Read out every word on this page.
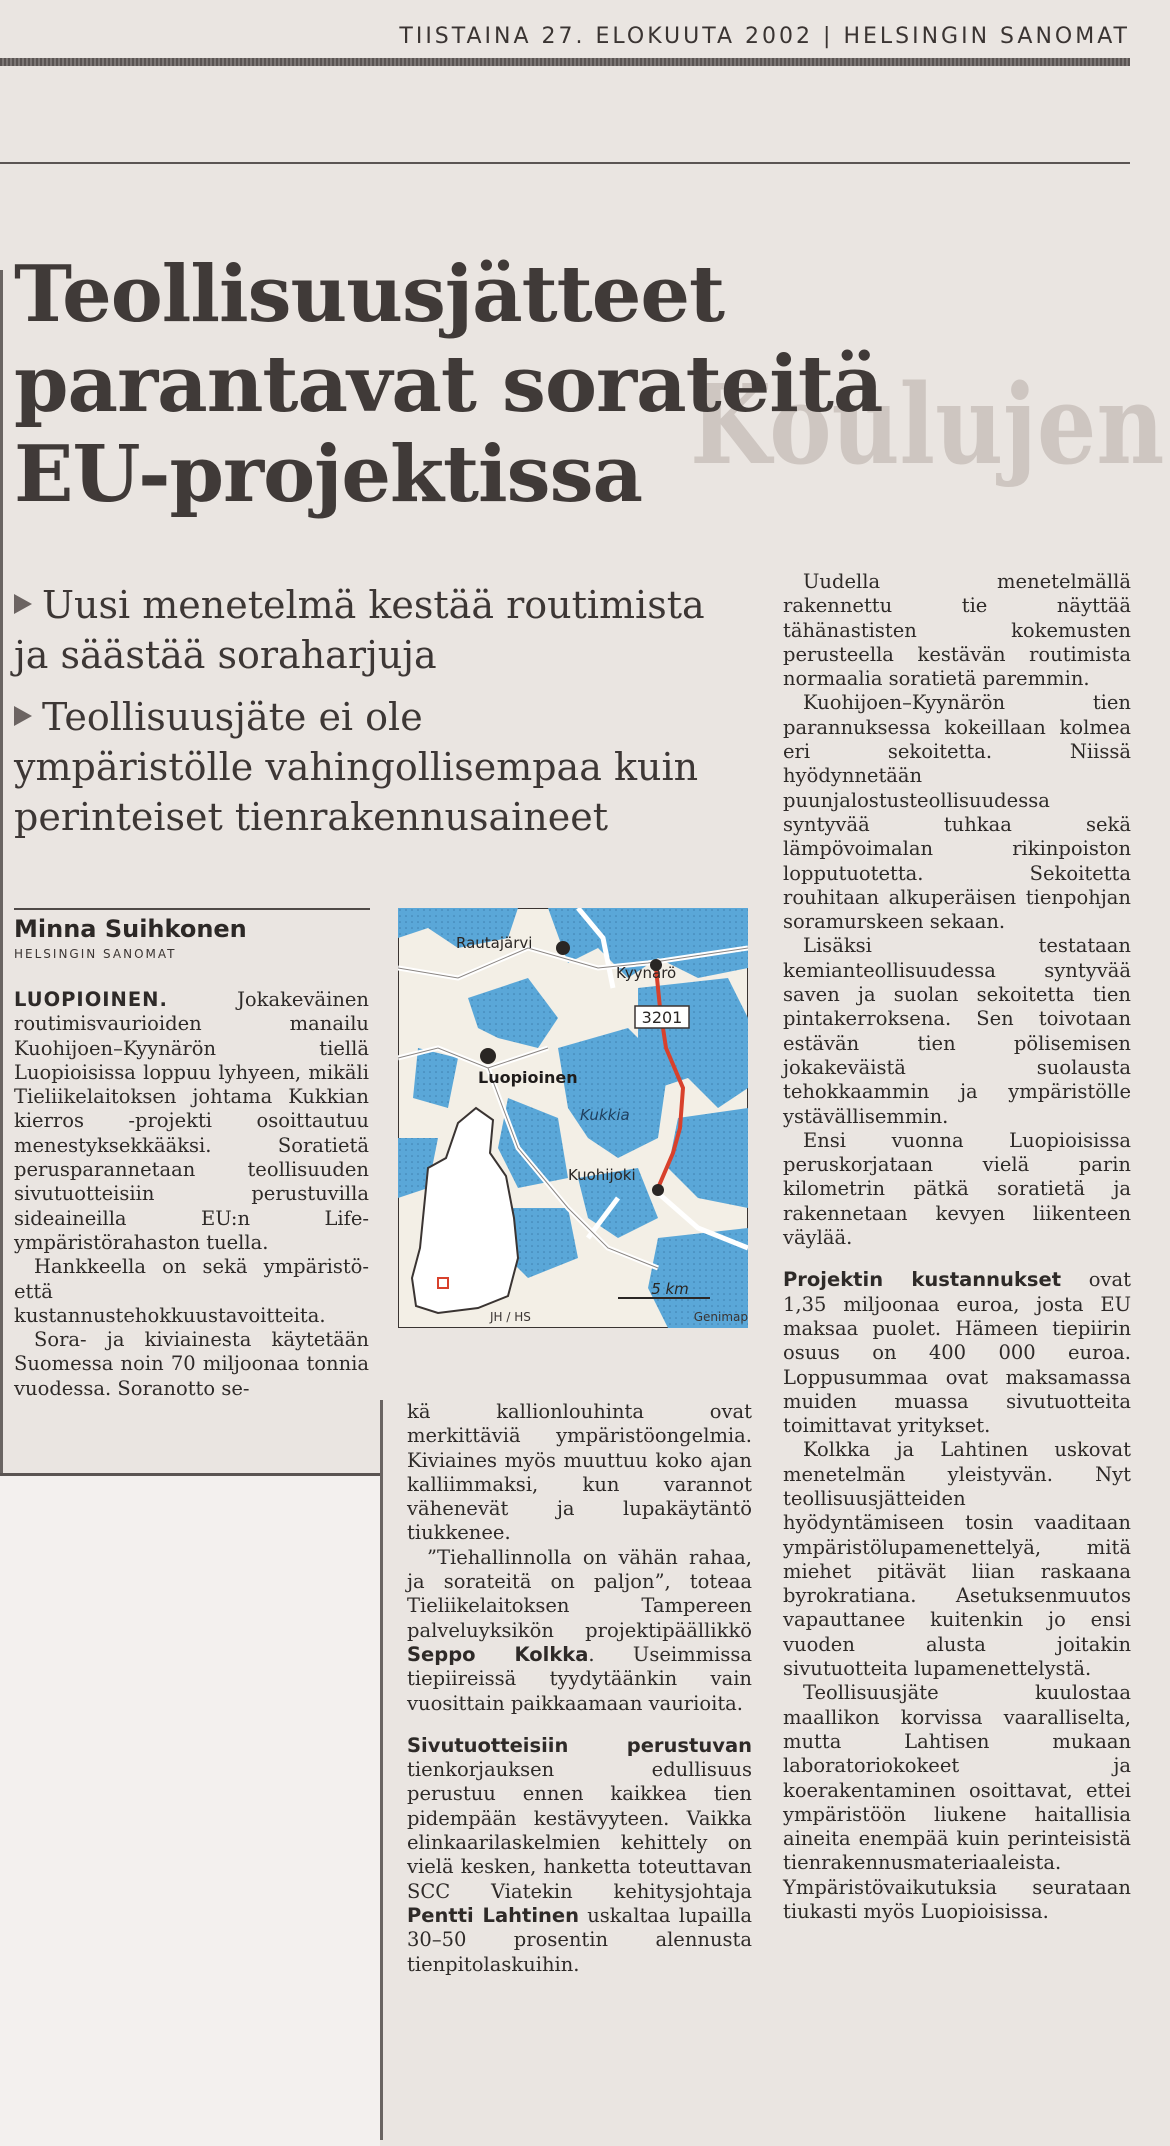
TIISTAINA 27. ELOKUUTA 2002 | HELSINGIN SANOMAT
Koulujen
Teollisuusjätteet
parantavat sorateitä
EU-projektissa
Uusi menetelmä kestää routimista
ja säästää soraharjuja
Teollisuusjäte ei ole
ympäristölle vahingollisempaa kuin
perinteiset tienrakennusaineet
Minna Suihkonen
HELSINGIN SANOMAT

LUOPIOINEN.	Jokakeväinen routimisvaurioiden manailu Kuohijoen–Kyynärön tiellä Luopioisissa loppuu lyhyeen, mikäli Tieliikelaitoksen johtama Kukkian kierros -projekti osoittautuu menestyksekkääksi. Soratietä perusparannetaan teollisuuden sivutuotteisiin perustuvilla sideaineilla EU:n Life-ympäristörahaston tuella.

Hankkeella on sekä ympäristö- että kustannustehokkuustavoitteita.

Sora- ja kiviainesta käytetään Suomessa noin 70 miljoonaa tonnia vuodessa. Soranotto se-

3201
Rautajärvi
Kyynärö
Luopioinen
Kukkia
Kuohijoki
5 km
JH / HS	Genimap

kä kallionlouhinta ovat merkittäviä ympäristöongelmia. Kiviaines myös muuttuu koko ajan kalliimmaksi, kun varannot vähenevät ja lupakäytäntö tiukkenee.

”Tiehallinnolla on vähän rahaa, ja sorateitä on paljon”, toteaa Tieliikelaitoksen Tampereen palveluyksikön projektipäällikkö Seppo Kolkka. Useimmissa tiepiireissä tyydytäänkin vain vuosittain paikkaamaan vaurioita.

Sivutuotteisiin perustuvan tienkorjauksen edullisuus perustuu ennen kaikkea tien pidempään kestävyyteen. Vaikka elinkaarilaskelmien kehittely on vielä kesken, hanketta toteuttavan SCC Viatekin kehitysjohtaja Pentti Lahtinen uskaltaa lupailla 30–50 prosentin alennusta tienpitolaskuihin.

Uudella menetelmällä rakennettu tie näyttää tähänastisten kokemusten perusteella kestävän routimista normaalia soratietä paremmin.

Kuohijoen–Kyynärön tien parannuksessa kokeillaan kolmea eri sekoitetta. Niissä hyödynnetään puunjalostusteollisuudessa syntyvää tuhkaa sekä lämpövoimalan rikinpoiston lopputuotetta. Sekoitetta rouhitaan alkuperäisen tienpohjan soramurskeen sekaan.

Lisäksi testataan kemianteollisuudessa syntyvää saven ja suolan sekoitetta tien pintakerroksena. Sen toivotaan estävän tien pölisemisen jokakeväistä suolausta tehokkaammin ja ympäristölle ystävällisemmin.

Ensi vuonna Luopioisissa peruskorjataan vielä parin kilometrin pätkä soratietä ja rakennetaan kevyen liikenteen väylää.

Projektin kustannukset ovat 1,35 miljoonaa euroa, josta EU maksaa puolet. Hämeen tiepiirin osuus on 400 000 euroa. Loppusummaa ovat maksamassa muiden muassa sivutuotteita toimittavat yritykset.

Kolkka ja Lahtinen uskovat menetelmän yleistyvän. Nyt teollisuusjätteiden hyödyntämiseen tosin vaaditaan ympäristölupamenettelyä, mitä miehet pitävät liian raskaana byrokratiana. Asetuksenmuutos vapauttanee kuitenkin jo ensi vuoden alusta joitakin sivutuotteita lupamenettelystä.

Teollisuusjäte kuulostaa maallikon korvissa vaaralliselta, mutta Lahtisen mukaan laboratoriokokeet ja koerakentaminen osoittavat, ettei ympäristöön liukene haitallisia aineita enempää kuin perinteisistä tienrakennusmateriaaleista. Ympäristövaikutuksia seurataan tiukasti myös Luopioisissa.
